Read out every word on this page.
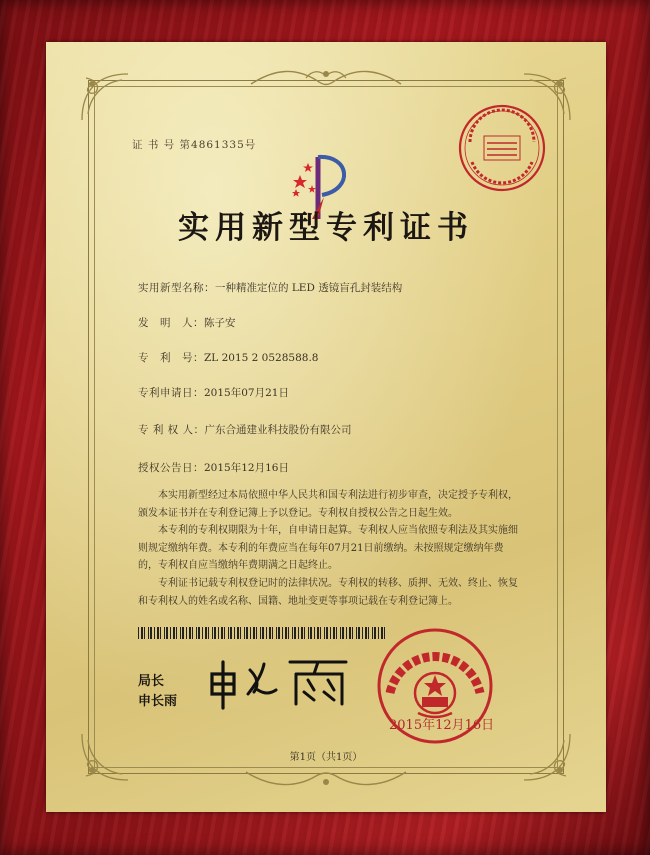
证 书 号 第4861335号
实用新型专利证书
实用新型名称：一种精准定位的 LED 透镜盲孔封装结构
发　明　人：陈子安
专　利　号：ZL 2015 2 0528588.8
专利申请日：2015年07月21日
专 利 权 人：广东合通建业科技股份有限公司
授权公告日：2015年12月16日
本实用新型经过本局依照中华人民共和国专利法进行初步审查，决定授予专利权，颁发本证书并在专利登记簿上予以登记。专利权自授权公告之日起生效。
本专利的专利权期限为十年，自申请日起算。专利权人应当依照专利法及其实施细则规定缴纳年费。本专利的年费应当在每年07月21日前缴纳。未按照规定缴纳年费的，专利权自应当缴纳年费期满之日起终止。
专利证书记载专利权登记时的法律状况。专利权的转移、质押、无效、终止、恢复和专利权人的姓名或名称、国籍、地址变更等事项记载在专利登记簿上。
局长
申长雨
2015年12月16日
第1页（共1页）
